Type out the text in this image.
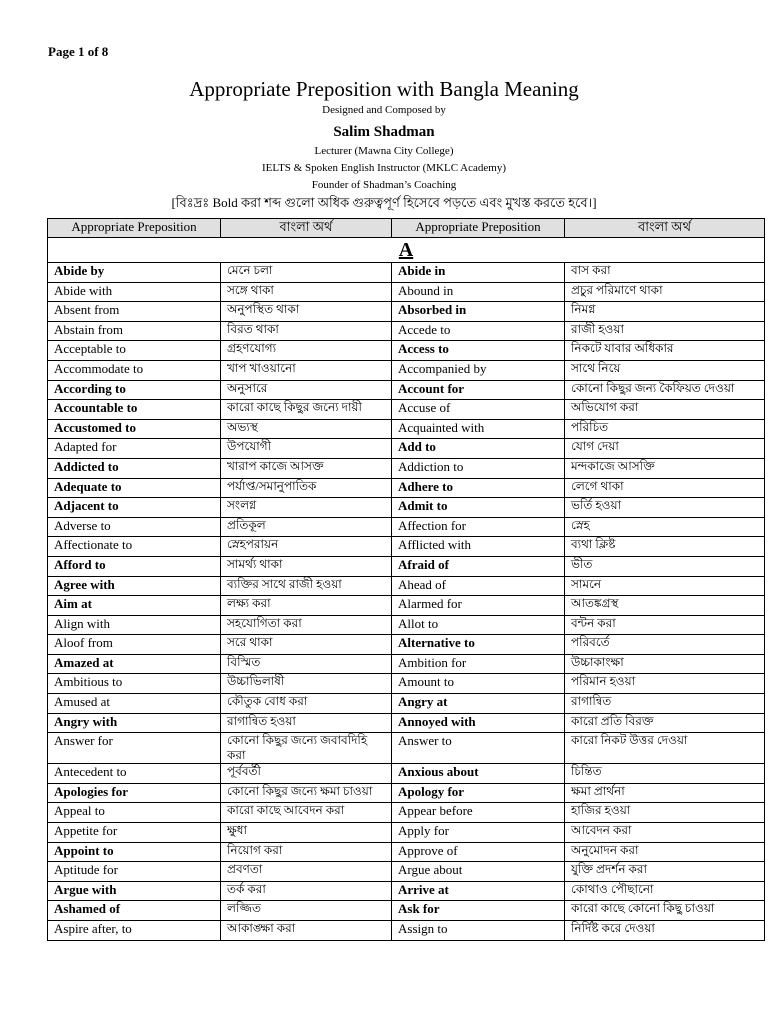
Page 1 of 8
Appropriate Preposition with Bangla Meaning
Designed and Composed by
Salim Shadman
Lecturer (Mawna City College)
IELTS & Spoken English Instructor (MKLC Academy)
Founder of Shadman’s Coaching
[বিঃদ্রঃ Bold করা শব্দ গুলো অধিক গুরুত্বপূর্ণ হিসেবে পড়তে এবং মুখস্ত করতে হবে।]
Appropriate Preposition	বাংলা অর্থ	Appropriate Preposition	বাংলা অর্থ
A			
Abide by	মেনে চলা	Abide in	বাস করা
Abide with	সঙ্গে থাকা	Abound in	প্রচুর পরিমাণে থাকা
Absent from	অনুপস্থিত থাকা	Absorbed in	নিমগ্ন
Abstain from	বিরত থাকা	Accede to	রাজী হওয়া
Acceptable to	গ্রহণযোগ্য	Access to	নিকটে যাবার অধিকার
Accommodate to	খাপ খাওয়ানো	Accompanied by	সাথে নিয়ে
According to	অনুসারে	Account for	কোনো কিছুর জন্য কৈফিয়ত দেওয়া
Accountable to	কারো কাছে কিছুর জন্যে দায়ী	Accuse of	অভিযোগ করা
Accustomed to	অভ্যস্থ	Acquainted with	পরিচিত
Adapted for	উপযোগী	Add to	যোগ দেয়া
Addicted to	খারাপ কাজে আসক্ত	Addiction to	মন্দকাজে আসক্তি
Adequate to	পর্যাপ্ত/সমানুপাতিক	Adhere to	লেগে থাকা
Adjacent to	সংলগ্ন	Admit to	ভর্তি হওয়া
Adverse to	প্রতিকূল	Affection for	স্নেহ
Affectionate to	স্নেহপরায়ন	Afflicted with	ব্যথা ক্লিষ্ট
Afford to	সামর্থ্য থাকা	Afraid of	ভীত
Agree with	ব্যক্তির সাথে রাজী হওয়া	Ahead of	সামনে
Aim at	লক্ষ্য করা	Alarmed for	আতঙ্কগ্রস্থ
Align with	সহযোগিতা করা	Allot to	বন্টন করা
Aloof from	সরে থাকা	Alternative to	পরিবর্তে
Amazed at	বিস্মিত	Ambition for	উচ্চাকাংক্ষা
Ambitious to	উচ্চাভিলাষী	Amount to	পরিমান হওয়া
Amused at	কৌতুক বোধ করা	Angry at	রাগান্বিত
Angry with	রাগান্বিত হওয়া	Annoyed with	কারো প্রতি বিরক্ত
Answer for	কোনো কিছুর জন্যে জবাবদিহি করা	Answer to	কারো নিকট উত্তর দেওয়া
Antecedent to	পূর্ববর্তী	Anxious about	চিন্তিত
Apologies for	কোনো কিছুর জন্যে ক্ষমা চাওয়া	Apology for	ক্ষমা প্রার্থনা
Appeal to	কারো কাছে আবেদন করা	Appear before	হাজির হওয়া
Appetite for	ক্ষুধা	Apply for	আবেদন করা
Appoint to	নিয়োগ করা	Approve of	অনুমোদন করা
Aptitude for	প্রবণতা	Argue about	যুক্তি প্রদর্শন করা
Argue with	তর্ক করা	Arrive at	কোথাও পৌছানো
Ashamed of	লজ্জিত	Ask for	কারো কাছে কোনো কিছু চাওয়া
Aspire after, to	আকাঙ্ক্ষা করা	Assign to	নির্দিষ্ট করে দেওয়া
